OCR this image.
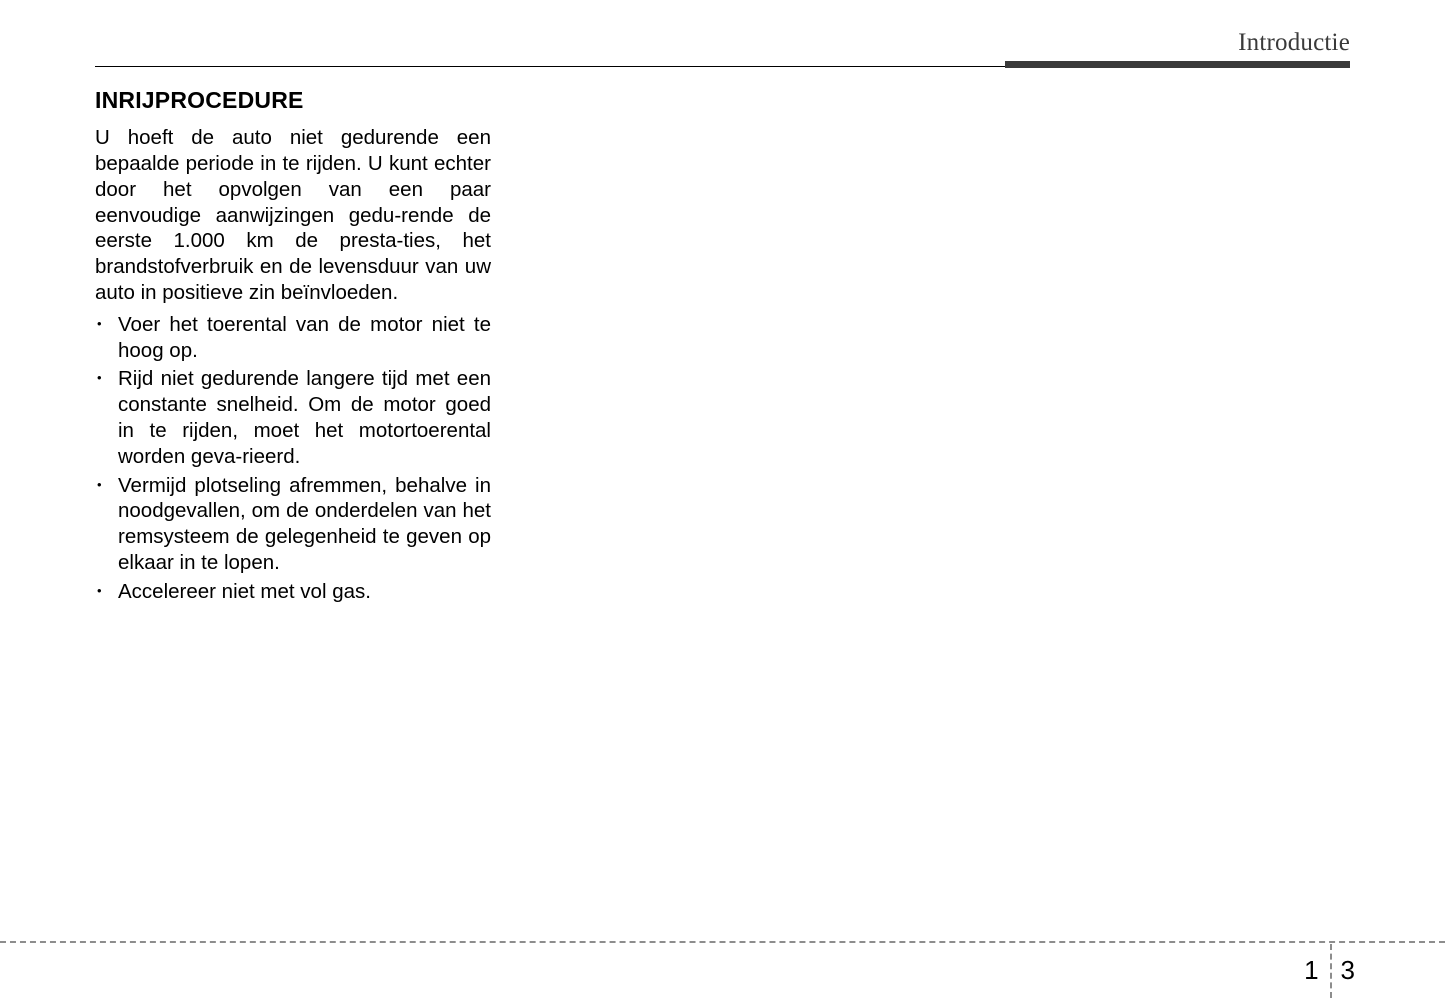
Introductie
INRIJPROCEDURE

U hoeft de auto niet gedurende een bepaalde periode in te rijden. U kunt echter door het opvolgen van een paar eenvoudige aanwijzingen gedu-rende de eerste 1.000 km de presta-ties, het brandstofverbruik en de levensduur van uw auto in positieve zin beïnvloeden.

• Voer het toerental van de motor niet te hoog op.
• Rijd niet gedurende langere tijd met een constante snelheid. Om de motor goed in te rijden, moet het motortoerental worden geva-rieerd.
• Vermijd plotseling afremmen, behalve in noodgevallen, om de onderdelen van het remsysteem de gelegenheid te geven op elkaar in te lopen.
• Accelereer niet met vol gas.
1 3
